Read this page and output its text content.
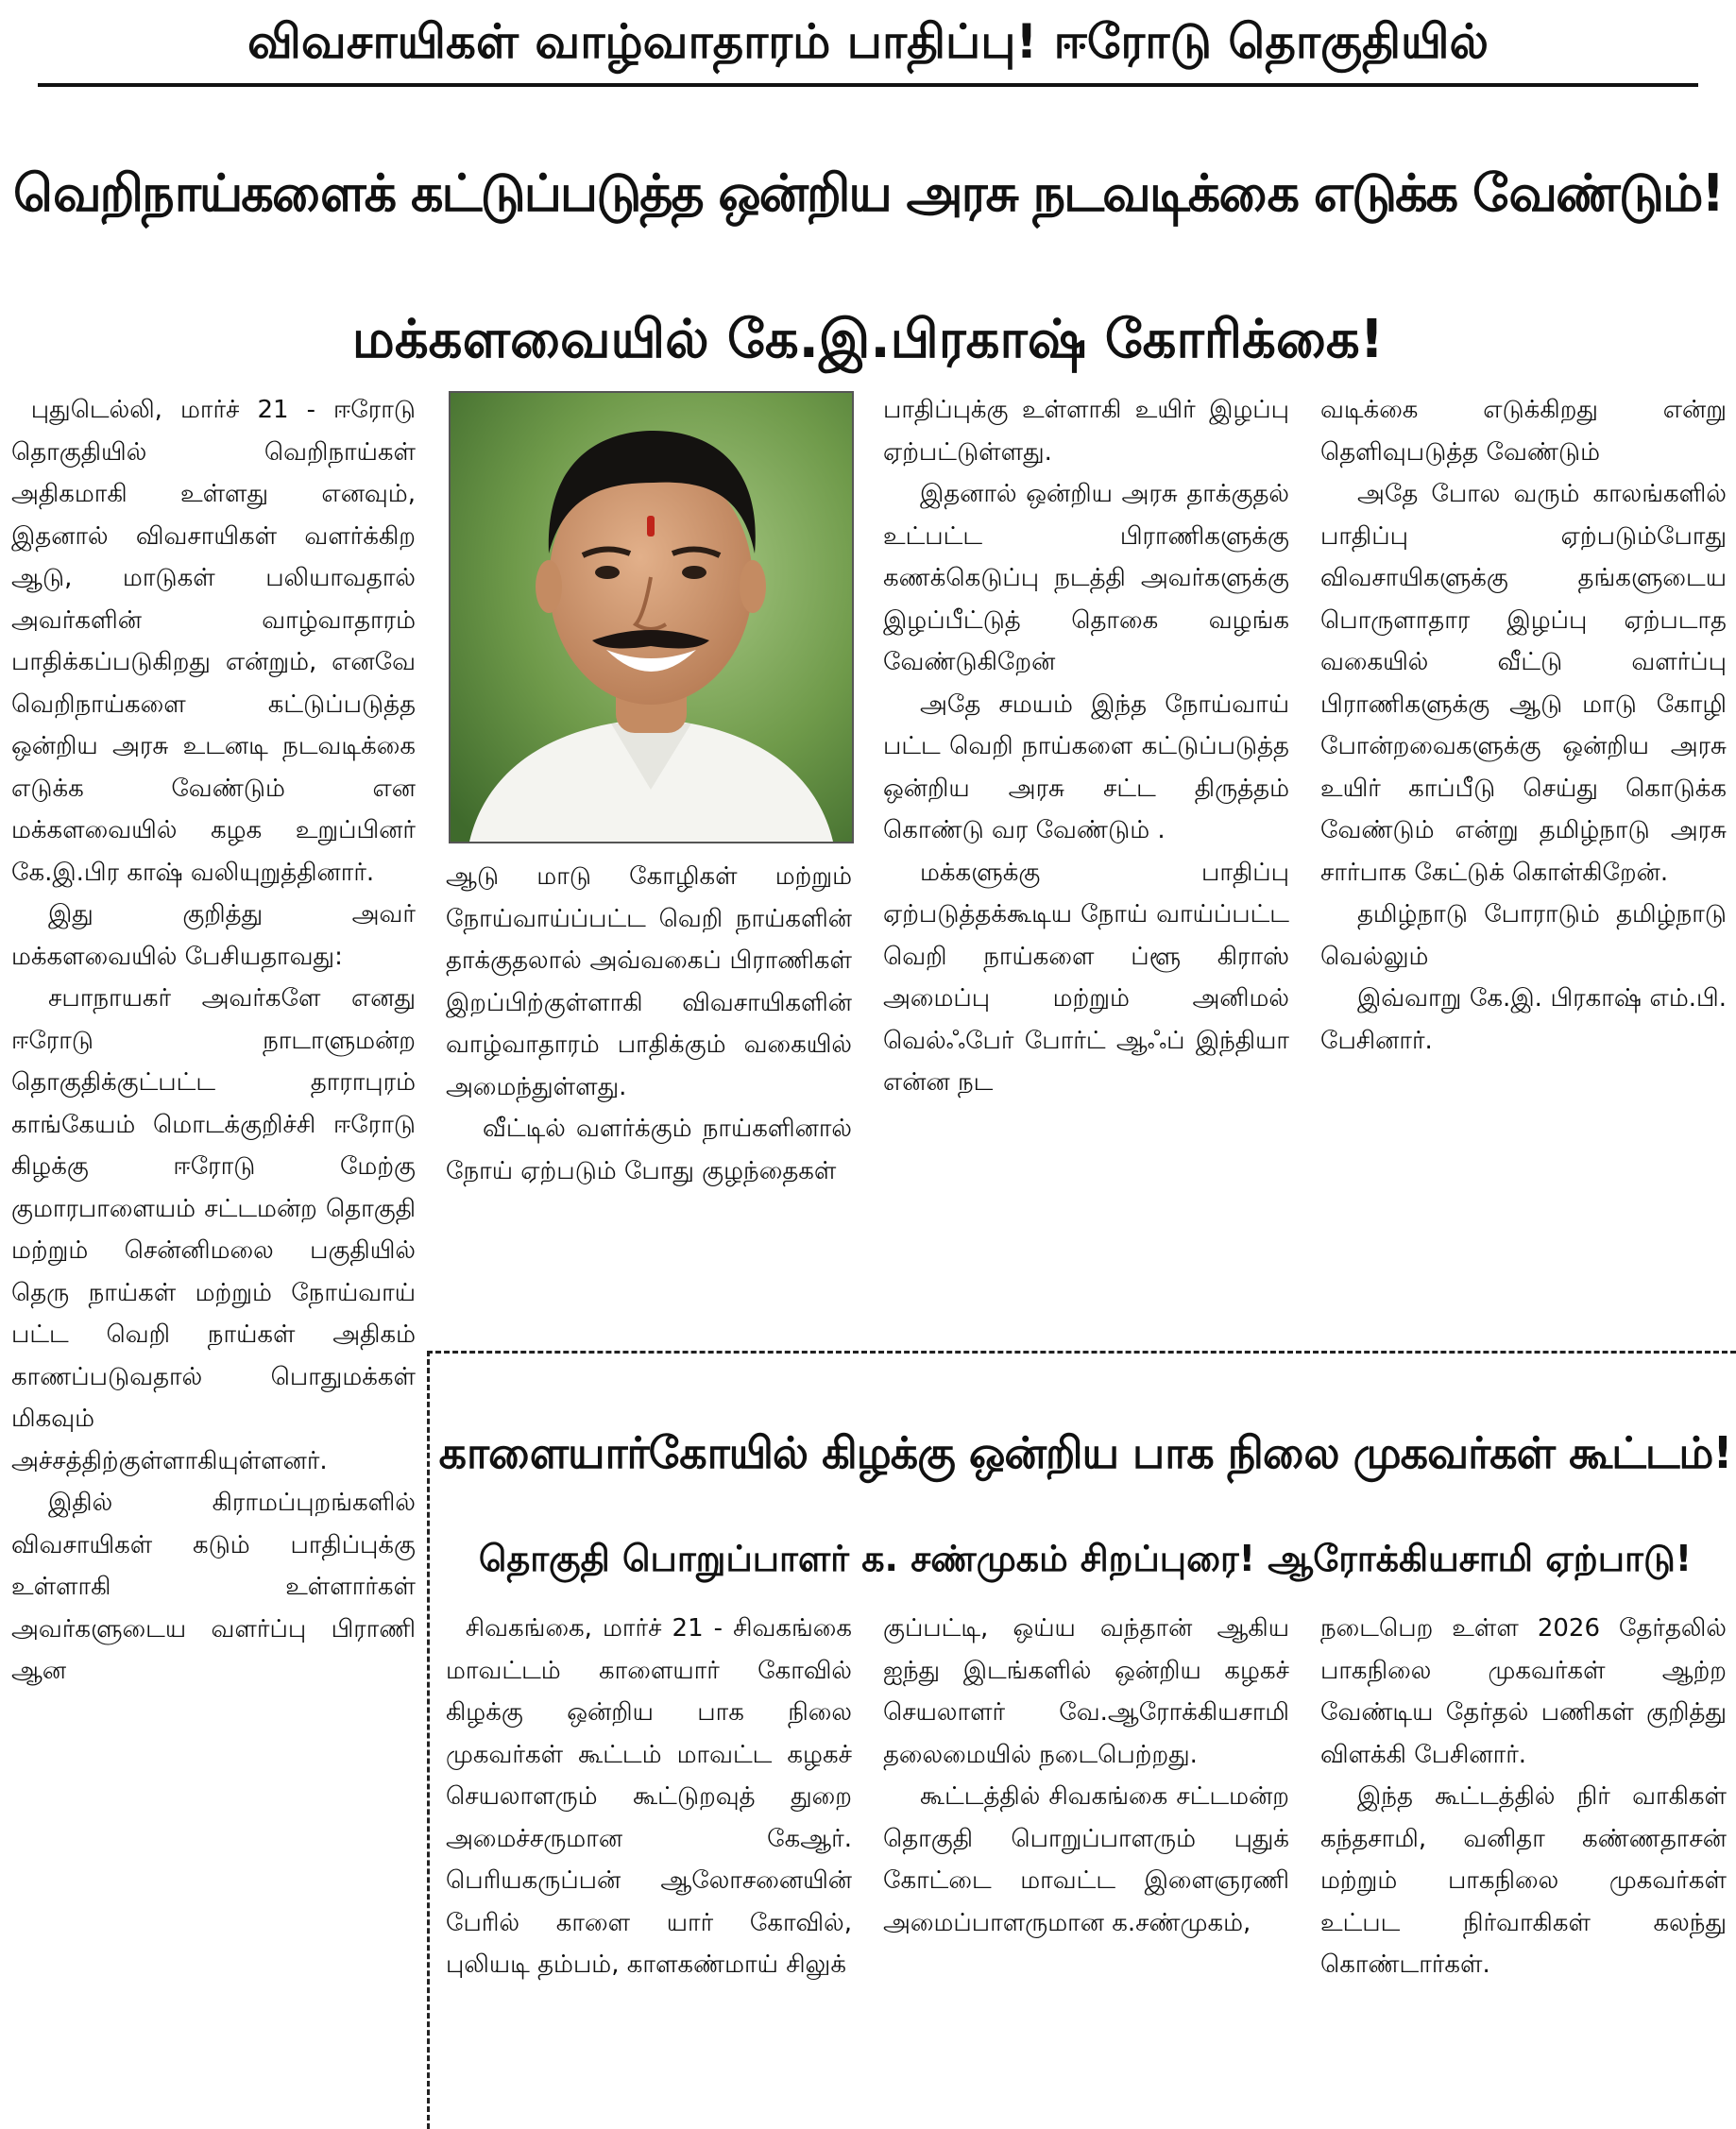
விவசாயிகள் வாழ்வாதாரம் பாதிப்பு! ஈரோடு தொகுதியில்
வெறிநாய்களைக் கட்டுப்படுத்த ஒன்றிய அரசு நடவடிக்கை எடுக்க வேண்டும்!
மக்களவையில் கே.இ.பிரகாஷ் கோரிக்கை!

புதுடெல்லி, மார்ச் 21 - ஈரோடு தொகுதியில் வெறிநாய்கள் அதிகமாகி உள்ளது எனவும், இதனால் விவசாயிகள் வளர்க்கிற ஆடு, மாடுகள் பலியாவதால் அவர்களின் வாழ்வாதாரம் பாதிக்கப்படுகிறது என்றும், எனவே வெறிநாய்களை கட்டுப்படுத்த ஒன்றிய அரசு உடனடி நடவடிக்கை எடுக்க வேண்டும் என மக்களவையில் கழக உறுப்பினர் கே.இ.பிர காஷ் வலியுறுத்தினார்.

இது குறித்து அவர் மக்களவையில் பேசியதாவது:

சபாநாயகர் அவர்களே எனது ஈரோடு நாடாளுமன்ற தொகுதிக்குட்பட்ட தாராபுரம் காங்கேயம் மொடக்குறிச்சி ஈரோடு கிழக்கு ஈரோடு மேற்கு குமாரபாளையம் சட்டமன்ற தொகுதி மற்றும் சென்னிமலை பகுதியில் தெரு நாய்கள் மற்றும் நோய்வாய் பட்ட வெறி நாய்கள் அதிகம் காணப்படுவதால் பொதுமக்கள் மிகவும் அச்சத்திற்குள்ளாகியுள்ளனர்.

இதில் கிராமப்புறங்களில் விவசாயிகள் கடும் பாதிப்புக்கு உள்ளாகி உள்ளார்கள் அவர்களுடைய வளர்ப்பு பிராணி ஆன

ஆடு மாடு கோழிகள் மற்றும் நோய்வாய்ப்பட்ட வெறி நாய்களின் தாக்குதலால் அவ்வகைப் பிராணிகள் இறப்பிற்குள்ளாகி விவசாயிகளின் வாழ்வாதாரம் பாதிக்கும் வகையில் அமைந்துள்ளது.

வீட்டில் வளர்க்கும் நாய்களினால் நோய் ஏற்படும் போது குழந்தைகள்

பாதிப்புக்கு உள்ளாகி உயிர் இழப்பு ஏற்பட்டுள்ளது.

இதனால் ஒன்றிய அரசு தாக்குதல் உட்பட்ட பிராணிகளுக்கு கணக்கெடுப்பு நடத்தி அவர்களுக்கு இழப்பீட்டுத் தொகை வழங்க வேண்டுகிறேன்

அதே சமயம் இந்த நோய்வாய் பட்ட வெறி நாய்களை கட்டுப்படுத்த ஒன்றிய அரசு சட்ட திருத்தம் கொண்டு வர வேண்டும் .

மக்களுக்கு பாதிப்பு ஏற்படுத்தக்கூடிய நோய் வாய்ப்பட்ட வெறி நாய்களை ப்ளூ கிராஸ் அமைப்பு மற்றும் அனிமல் வெல்ஃபேர் போர்ட் ஆஃப் இந்தியா என்ன நட

வடிக்கை எடுக்கிறது என்று தெளிவுபடுத்த வேண்டும்

அதே போல வரும் காலங்களில் பாதிப்பு ஏற்படும்போது விவசாயிகளுக்கு தங்களுடைய பொருளாதார இழப்பு ஏற்படாத வகையில் வீட்டு வளர்ப்பு பிராணிகளுக்கு ஆடு மாடு கோழி போன்றவைகளுக்கு ஒன்றிய அரசு உயிர் காப்பீடு செய்து கொடுக்க வேண்டும் என்று தமிழ்நாடு அரசு சார்பாக கேட்டுக் கொள்கிறேன்.

தமிழ்நாடு போராடும் தமிழ்நாடு வெல்லும்

இவ்வாறு கே.இ. பிரகாஷ் எம்.பி. பேசினார்.

காளையார்கோயில் கிழக்கு ஒன்றிய பாக நிலை முகவர்கள் கூட்டம்!
தொகுதி பொறுப்பாளர் க. சண்முகம் சிறப்புரை! ஆரோக்கியசாமி ஏற்பாடு!

சிவகங்கை, மார்ச் 21 - சிவகங்கை மாவட்டம் காளையார் கோவில் கிழக்கு ஒன்றிய பாக நிலை முகவர்கள் கூட்டம் மாவட்ட கழகச் செயலாளரும் கூட்டுறவுத் துறை அமைச்சருமான கேஆர். பெரியகருப்பன் ஆலோசனையின் பேரில் காளை யார் கோவில், புலியடி தம்பம், காளகண்மாய் சிலுக்

குப்பட்டி, ஒய்ய வந்தான் ஆகிய ஐந்து இடங்களில் ஒன்றிய கழகச் செயலாளர் வே.ஆரோக்கியசாமி தலைமையில் நடைபெற்றது.

கூட்டத்தில் சிவகங்கை சட்டமன்ற தொகுதி பொறுப்பாளரும் புதுக் கோட்டை மாவட்ட இளைஞரணி அமைப்பாளருமான க.சண்முகம்,

நடைபெற உள்ள 2026 தேர்தலில் பாகநிலை முகவர்கள் ஆற்ற வேண்டிய தேர்தல் பணிகள் குறித்து விளக்கி பேசினார்.

இந்த கூட்டத்தில் நிர் வாகிகள் கந்தசாமி, வனிதா கண்ணதாசன் மற்றும் பாகநிலை முகவர்கள் உட்பட நிர்வாகிகள் கலந்து கொண்டார்கள்.
